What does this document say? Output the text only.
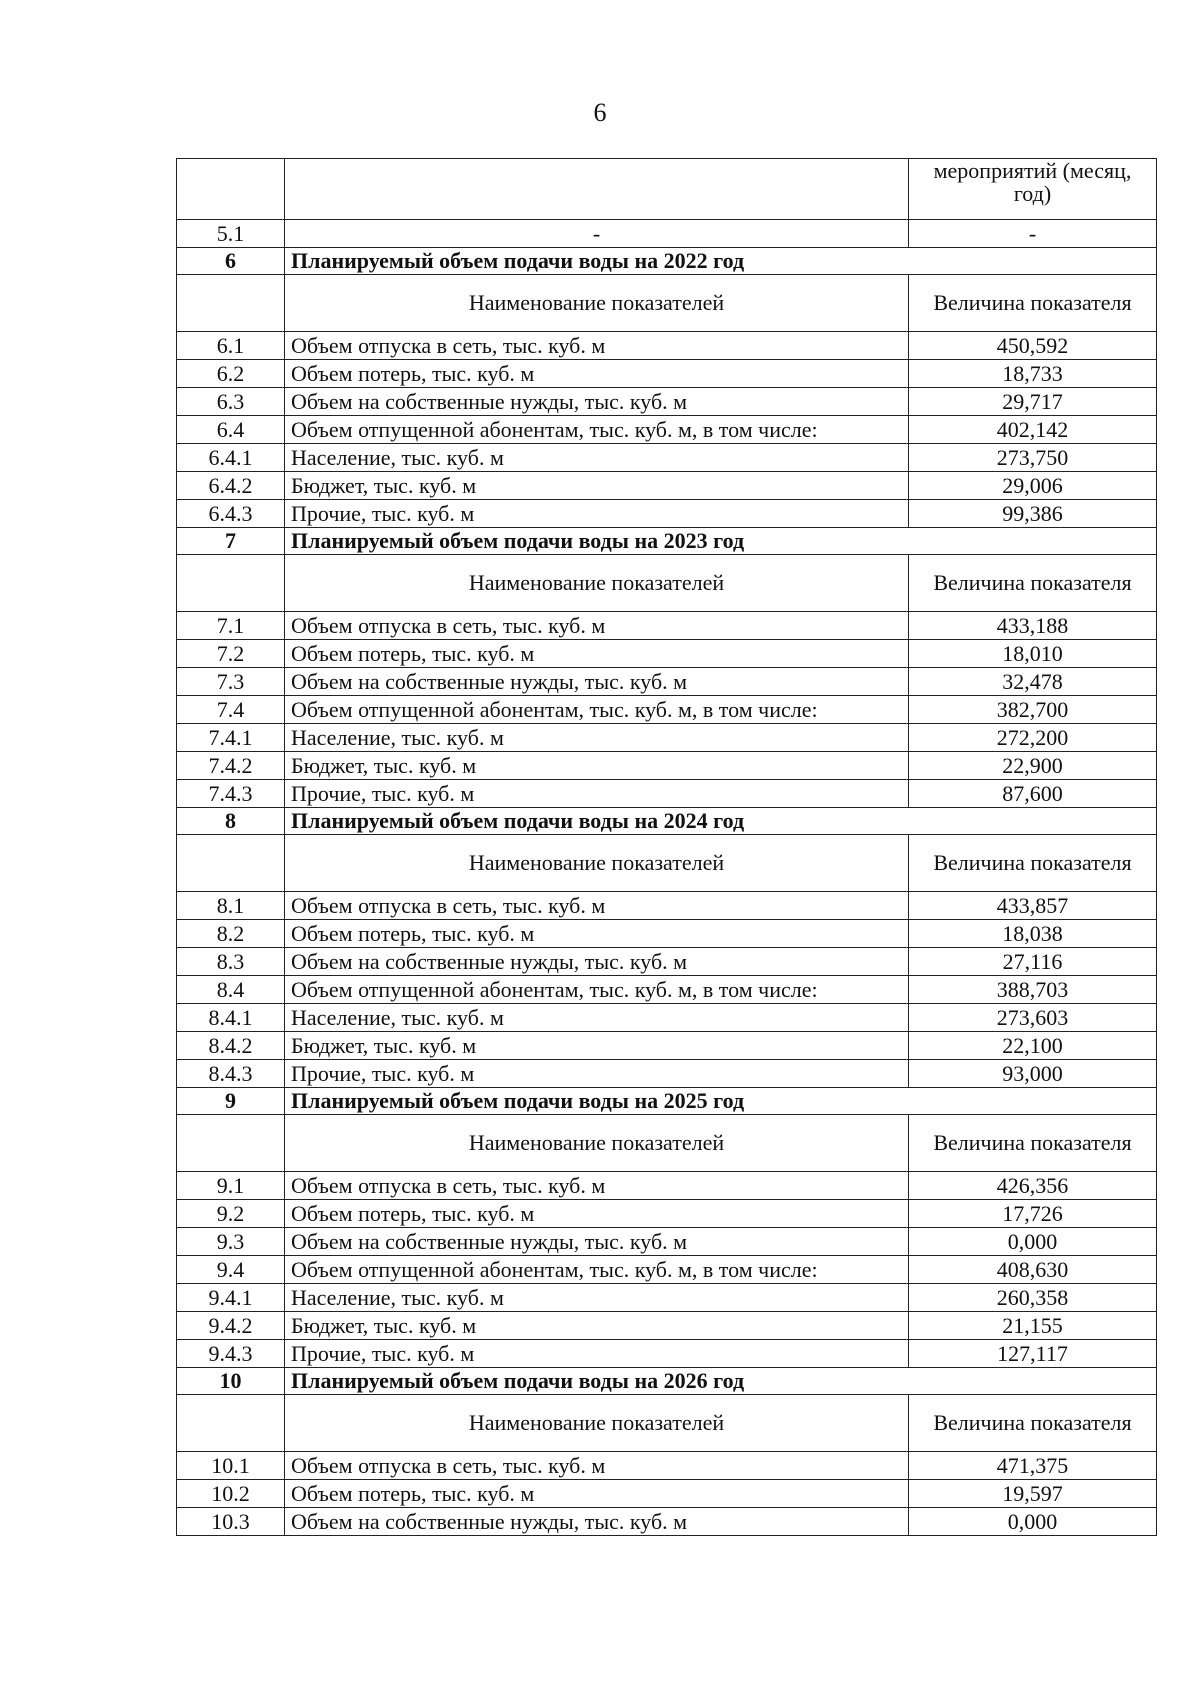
6
		мероприятий (месяц, год)
5.1	-	-
6	Планируемый объем подачи воды на 2022 год	
	Наименование показателей	Величина показателя
6.1	Объем отпуска в сеть, тыс. куб. м	450,592
6.2	Объем потерь, тыс. куб. м	18,733
6.3	Объем на собственные нужды, тыс. куб. м	29,717
6.4	Объем отпущенной абонентам, тыс. куб. м, в том числе:	402,142
6.4.1	Население, тыс. куб. м	273,750
6.4.2	Бюджет, тыс. куб. м	29,006
6.4.3	Прочие, тыс. куб. м	99,386
7	Планируемый объем подачи воды на 2023 год	
	Наименование показателей	Величина показателя
7.1	Объем отпуска в сеть, тыс. куб. м	433,188
7.2	Объем потерь, тыс. куб. м	18,010
7.3	Объем на собственные нужды, тыс. куб. м	32,478
7.4	Объем отпущенной абонентам, тыс. куб. м, в том числе:	382,700
7.4.1	Население, тыс. куб. м	272,200
7.4.2	Бюджет, тыс. куб. м	22,900
7.4.3	Прочие, тыс. куб. м	87,600
8	Планируемый объем подачи воды на 2024 год	
	Наименование показателей	Величина показателя
8.1	Объем отпуска в сеть, тыс. куб. м	433,857
8.2	Объем потерь, тыс. куб. м	18,038
8.3	Объем на собственные нужды, тыс. куб. м	27,116
8.4	Объем отпущенной абонентам, тыс. куб. м, в том числе:	388,703
8.4.1	Население, тыс. куб. м	273,603
8.4.2	Бюджет, тыс. куб. м	22,100
8.4.3	Прочие, тыс. куб. м	93,000
9	Планируемый объем подачи воды на 2025 год	
	Наименование показателей	Величина показателя
9.1	Объем отпуска в сеть, тыс. куб. м	426,356
9.2	Объем потерь, тыс. куб. м	17,726
9.3	Объем на собственные нужды, тыс. куб. м	0,000
9.4	Объем отпущенной абонентам, тыс. куб. м, в том числе:	408,630
9.4.1	Население, тыс. куб. м	260,358
9.4.2	Бюджет, тыс. куб. м	21,155
9.4.3	Прочие, тыс. куб. м	127,117
10	Планируемый объем подачи воды на 2026 год	
	Наименование показателей	Величина показателя
10.1	Объем отпуска в сеть, тыс. куб. м	471,375
10.2	Объем потерь, тыс. куб. м	19,597
10.3	Объем на собственные нужды, тыс. куб. м	0,000
